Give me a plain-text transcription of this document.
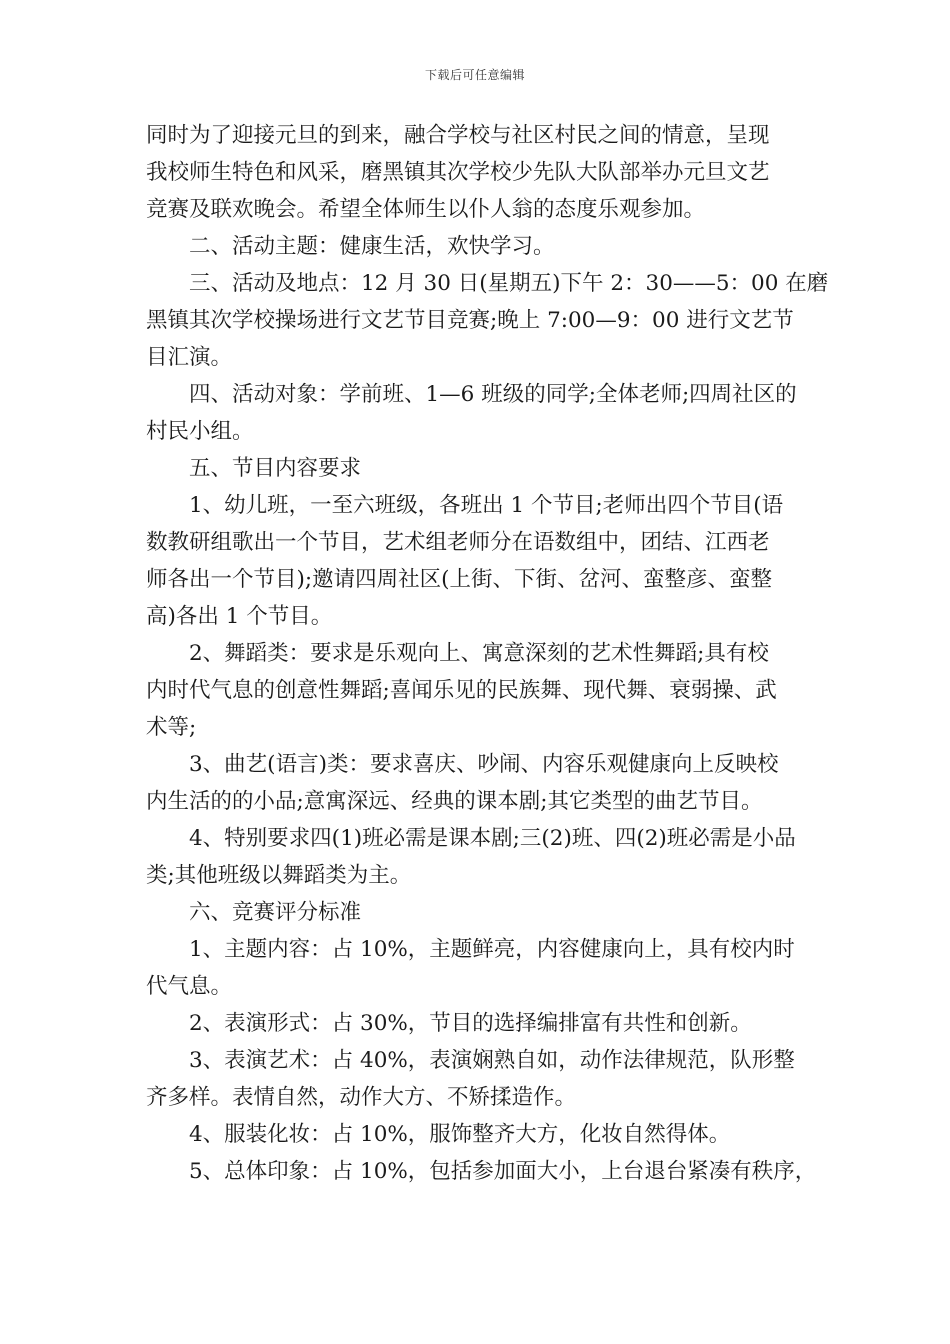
下载后可任意编辑
同时为了迎接元旦的到来，融合学校与社区村民之间的情意，呈现
我校师生特色和风采，磨黑镇其次学校少先队大队部举办元旦文艺
竞赛及联欢晚会。希望全体师生以仆人翁的态度乐观参加。
二、活动主题：健康生活，欢快学习。
三、活动及地点：12 月 30 日(星期五)下午 2：30——5：00 在磨
黑镇其次学校操场进行文艺节目竞赛;晚上 7:00—9：00 进行文艺节
目汇演。
四、活动对象：学前班、1—6 班级的同学;全体老师;四周社区的
村民小组。
五、节目内容要求
1、幼儿班，一至六班级，各班出 1 个节目;老师出四个节目(语
数教研组歌出一个节目，艺术组老师分在语数组中，团结、江西老
师各出一个节目);邀请四周社区(上街、下街、岔河、蛮整彦、蛮整
高)各出 1 个节目。
2、舞蹈类：要求是乐观向上、寓意深刻的艺术性舞蹈;具有校
内时代气息的创意性舞蹈;喜闻乐见的民族舞、现代舞、衰弱操、武
术等;
3、曲艺(语言)类：要求喜庆、吵闹、内容乐观健康向上反映校
内生活的的小品;意寓深远、经典的课本剧;其它类型的曲艺节目。
4、特别要求四(1)班必需是课本剧;三(2)班、四(2)班必需是小品
类;其他班级以舞蹈类为主。
六、竞赛评分标准
1、主题内容：占 10%，主题鲜亮，内容健康向上，具有校内时
代气息。
2、表演形式：占 30%，节目的选择编排富有共性和创新。
3、表演艺术：占 40%，表演娴熟自如，动作法律规范，队形整
齐多样。表情自然，动作大方、不矫揉造作。
4、服装化妆：占 10%，服饰整齐大方，化妆自然得体。
5、总体印象：占 10%，包括参加面大小，上台退台紧凑有秩序，
